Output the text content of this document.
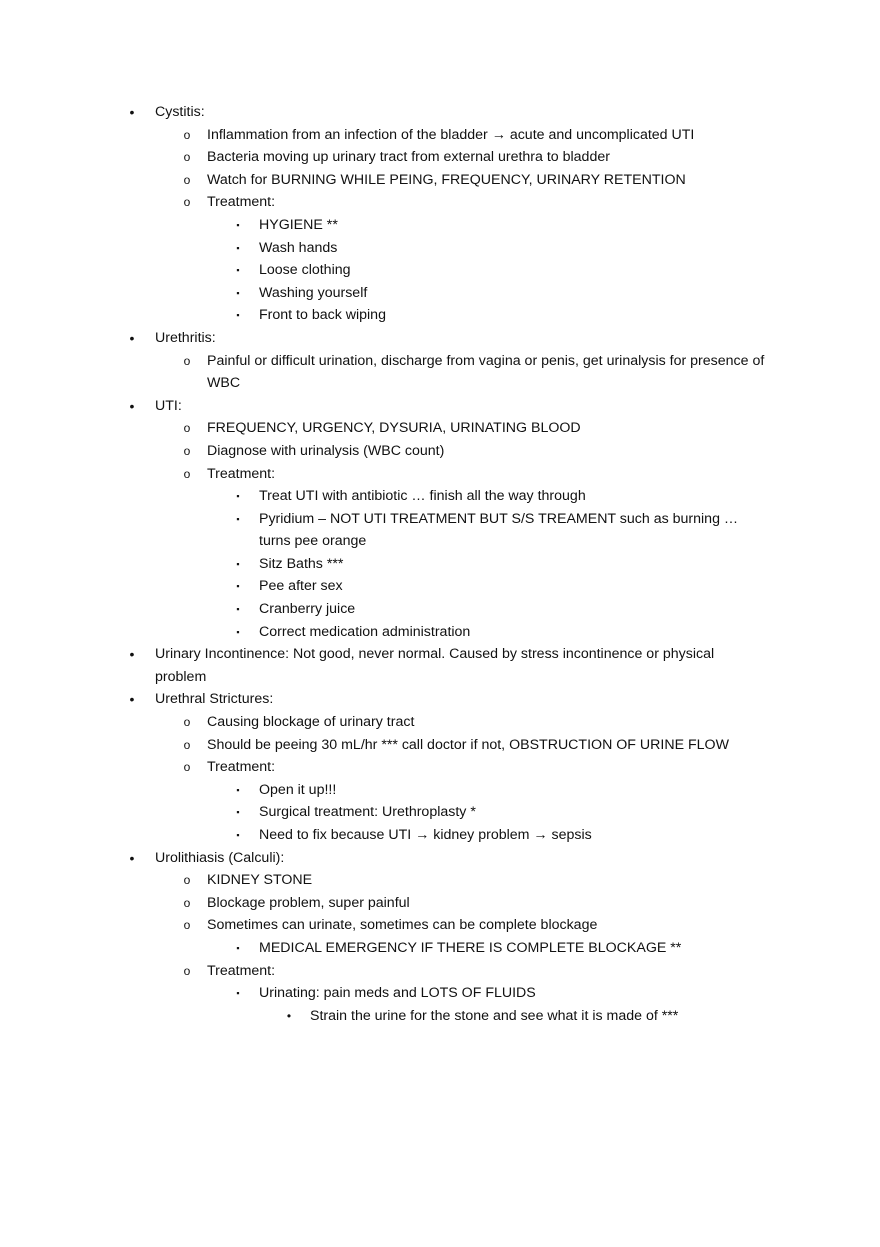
•	Cystitis:
o Inflammation from an infection of the bladder → acute and uncomplicated UTI
o Bacteria moving up urinary tract from external urethra to bladder
o Watch for BURNING WHILE PEING, FREQUENCY, URINARY RETENTION
o Treatment:
▪	HYGIENE **
▪	Wash hands
▪	Loose clothing
▪	Washing yourself
▪	Front to back wiping
•	Urethritis:
o Painful or difficult urination, discharge from vagina or penis, get urinalysis for presence of WBC
•	UTI:
o FREQUENCY, URGENCY, DYSURIA, URINATING BLOOD
o Diagnose with urinalysis (WBC count)
o Treatment:
▪	Treat UTI with antibiotic … finish all the way through
▪	Pyridium – NOT UTI TREATMENT BUT S/S TREAMENT such as burning … turns pee orange
▪	Sitz Baths ***
▪	Pee after sex
▪	Cranberry juice
▪	Correct medication administration
•	Urinary Incontinence: Not good, never normal. Caused by stress incontinence or physical problem
•	Urethral Strictures:
o Causing blockage of urinary tract
o Should be peeing 30 mL/hr *** call doctor if not, OBSTRUCTION OF URINE FLOW
o Treatment:
▪	Open it up!!!
▪	Surgical treatment: Urethroplasty *
▪	Need to fix because UTI → kidney problem → sepsis
•	Urolithiasis (Calculi):
o KIDNEY STONE
o Blockage problem, super painful
o Sometimes can urinate, sometimes can be complete blockage
▪	MEDICAL EMERGENCY IF THERE IS COMPLETE BLOCKAGE **
o Treatment:
▪	Urinating: pain meds and LOTS OF FLUIDS
•	Strain the urine for the stone and see what it is made of ***
